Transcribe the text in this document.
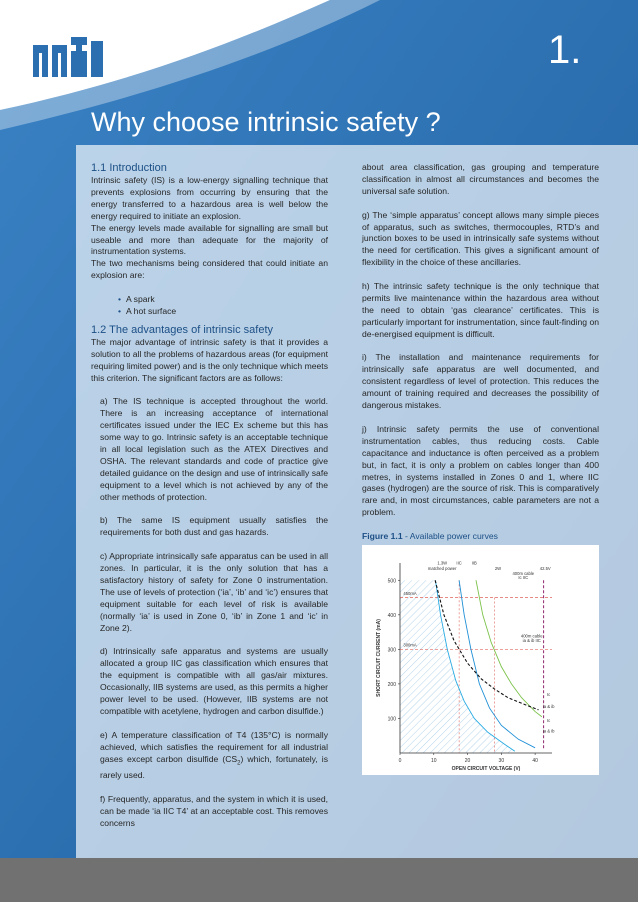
1.
Why choose intrinsic safety ?

1.1 Introduction

Intrinsic safety (IS) is a low-energy signalling technique that prevents explosions from occurring by ensuring that the energy transferred to a hazardous area is well below the energy required to initiate an explosion.

The energy levels made available for signalling are small but useable and more than adequate for the majority of instrumentation systems.

The two mechanisms being considered that could initiate an explosion are:

• A spark
• A hot surface

1.2 The advantages of intrinsic safety

The major advantage of intrinsic safety is that it provides a solution to all the problems of hazardous areas (for equipment requiring limited power) and is the only technique which meets this criterion. The significant factors are as follows:

a) The IS technique is accepted throughout the world. There is an increasing acceptance of international certificates issued under the IEC Ex scheme but this has some way to go. Intrinsic safety is an acceptable technique in all local legislation such as the ATEX Directives and OSHA. The relevant standards and code of practice give detailed guidance on the design and use of intrinsically safe equipment to a level which is not achieved by any of the other methods of protection.

b) The same IS equipment usually satisfies the requirements for both dust and gas hazards.

c) Appropriate intrinsically safe apparatus can be used in all zones. In particular, it is the only solution that has a satisfactory history of safety for Zone 0 instrumentation. The use of levels of protection (‘ia’, ‘ib’ and ‘ic’) ensures that equipment suitable for each level of risk is available (normally ‘ia’ is used in Zone 0, ‘ib’ in Zone 1 and ‘ic’ in Zone 2).

d) Intrinsically safe apparatus and systems are usually allocated a group IIC gas classification which ensures that the equipment is compatible with all gas/air mixtures. Occasionally, IIB systems are used, as this permits a higher power level to be used. (However, IIB systems are not compatible with acetylene, hydrogen and carbon disulfide.)

e) A temperature classification of T4 (135°C) is normally achieved, which satisfies the requirement for all industrial gases except carbon disulfide $(CS_2)$ which, fortunately, is rarely used.

f) Frequently, apparatus, and the system in which it is used, can be made ‘ia IIC T4’ at an acceptable cost. This removes concerns

about area classification, gas grouping and temperature classification in almost all circumstances and becomes the universal safe solution.

g) The ‘simple apparatus’ concept allows many simple pieces of apparatus, such as switches, thermocouples, RTD’s and junction boxes to be used in intrinsically safe systems without the need for certification. This gives a significant amount of flexibility in the choice of these ancillaries.

h) The intrinsic safety technique is the only technique that permits live maintenance within the hazardous area without the need to obtain ‘gas clearance’ certificates. This is particularly important for instrumentation, since fault-finding on de-energised equipment is difficult.

i) The installation and maintenance requirements for intrinsically safe apparatus are well documented, and consistent regardless of level of protection. This reduces the amount of training required and decreases the possibility of dangerous mistakes.

j) Intrinsic safety permits the use of conventional instrumentation cables, thus reducing costs. Cable capacitance and inductance is often perceived as a problem but, in fact, it is only a problem on cables longer than 400 metres, in systems installed in Zones 0 and 1, where IIC gases (hydrogen) are the source of risk. This is comparatively rare and, in most circumstances, cable parameters are not a problem.

Figure 1.1 - Available power curves

0	10	20	30	40
100
200
300
400
500
OPEN CIRCUIT VOLTAGE (V)
SHORT CIRCUIT CURRENT (mA)
1.3W
matched power
IIC IIB
2W	42.5V
400m cable
Ic IIC
450mA
300mA
400m cable
ia & ib IIC
Ic
ia & ib
Ic
ia & ib
